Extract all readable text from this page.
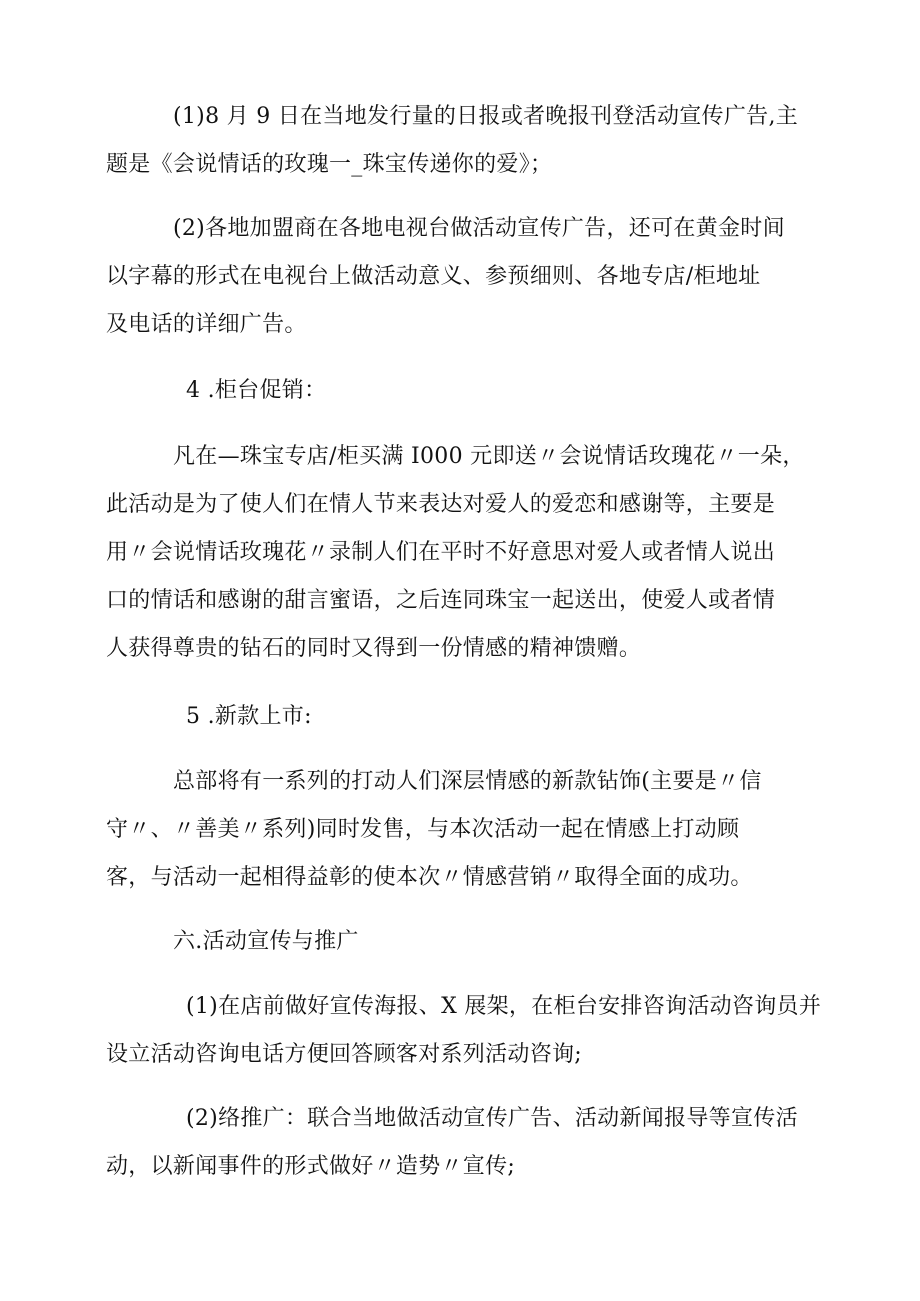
(1)8 月 9 日在当地发行量的日报或者晚报刊登活动宣传广告,主
题是《会说情话的玫瑰一_珠宝传递你的爱》；

(2)各地加盟商在各地电视台做活动宣传广告，还可在黄金时间
以字幕的形式在电视台上做活动意义、参预细则、各地专店/柜地址
及电话的详细广告。

4 .柜台促销：

凡在—珠宝专店/柜买满 I000 元即送〃会说情话玫瑰花〃一朵，
此活动是为了使人们在情人节来表达对爱人的爱恋和感谢等，主要是
用〃会说情话玫瑰花〃录制人们在平时不好意思对爱人或者情人说出
口的情话和感谢的甜言蜜语，之后连同珠宝一起送出，使爱人或者情
人获得尊贵的钻石的同时又得到一份情感的精神馈赠。

5 .新款上市:

总部将有一系列的打动人们深层情感的新款钻饰(主要是〃信
守〃、〃善美〃系列)同时发售，与本次活动一起在情感上打动顾
客，与活动一起相得益彰的使本次〃情感营销〃取得全面的成功。

六.活动宣传与推广

(1)在店前做好宣传海报、X 展架，在柜台安排咨询活动咨询员并
设立活动咨询电话方便回答顾客对系列活动咨询;

(2)络推广：联合当地做活动宣传广告、活动新闻报导等宣传活
动，以新闻事件的形式做好〃造势〃宣传;
